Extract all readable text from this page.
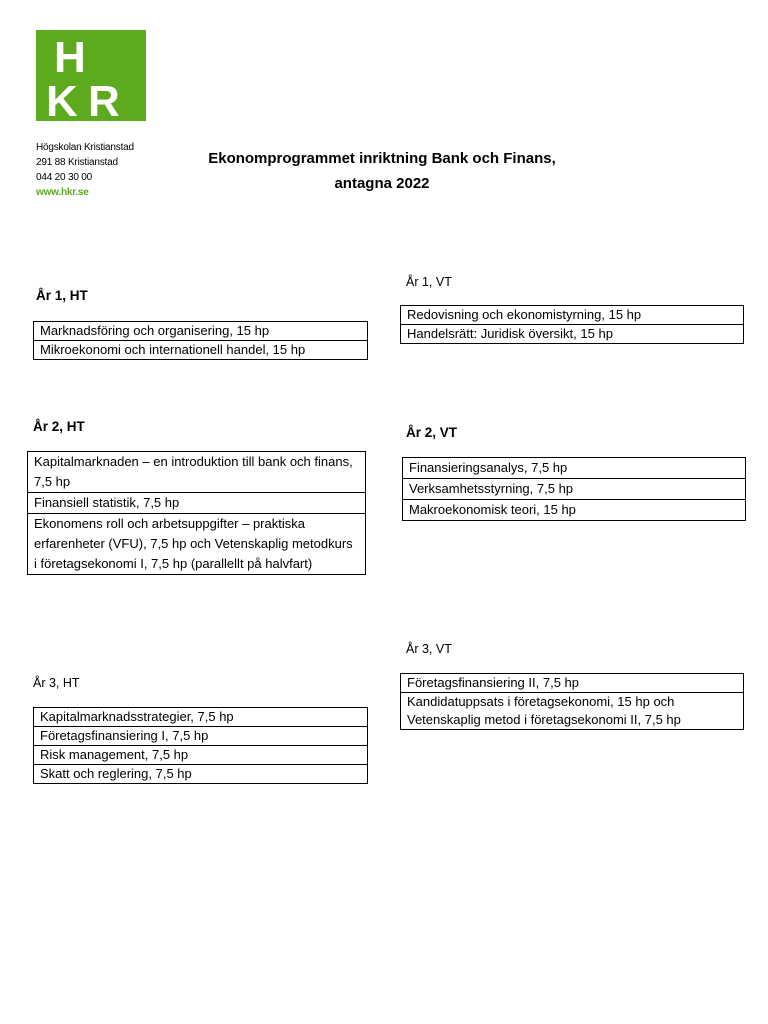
H
K R
Högskolan Kristianstad
291 88 Kristianstad
044 20 30 00
www.hkr.se
Ekonomprogrammet inriktning Bank och Finans,
antagna 2022
År 1, HT
Marknadsföring och organisering, 15 hp
Mikroekonomi och internationell handel, 15 hp
År 1, VT
Redovisning och ekonomistyrning, 15 hp
Handelsrätt: Juridisk översikt, 15 hp
År 2, HT
Kapitalmarknaden – en introduktion till bank och finans, 7,5 hp
Finansiell statistik, 7,5 hp
Ekonomens roll och arbetsuppgifter – praktiska erfarenheter (VFU), 7,5 hp och Vetenskaplig metodkurs i företagsekonomi I, 7,5 hp (parallellt på halvfart)
År 2, VT
Finansieringsanalys, 7,5 hp
Verksamhetsstyrning, 7,5 hp
Makroekonomisk teori, 15 hp
År 3, HT
Kapitalmarknadsstrategier, 7,5 hp
Företagsfinansiering I, 7,5 hp
Risk management, 7,5 hp
Skatt och reglering, 7,5 hp
År 3, VT
Företagsfinansiering II, 7,5 hp
Kandidatuppsats i företagsekonomi, 15 hp och Vetenskaplig metod i företagsekonomi II, 7,5 hp
